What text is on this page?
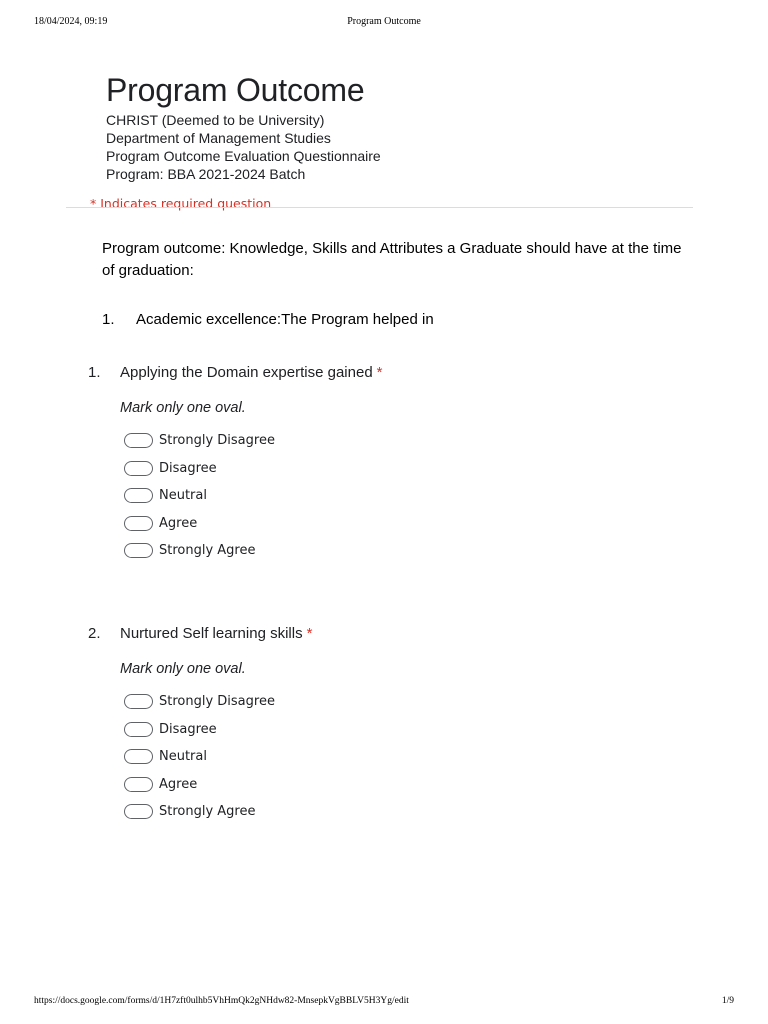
18/04/2024, 09:19	Program Outcome
Program Outcome
CHRIST (Deemed to be University)
Department of Management Studies
Program Outcome Evaluation Questionnaire
Program: BBA 2021-2024 Batch
* Indicates required question
Program outcome: Knowledge, Skills and Attributes a Graduate should have at the time of graduation:
1. Academic excellence:The Program helped in
1. Applying the Domain expertise gained *
Mark only one oval.
Strongly Disagree
Disagree
Neutral
Agree
Strongly Agree
2. Nurtured Self learning skills *
Mark only one oval.
Strongly Disagree
Disagree
Neutral
Agree
Strongly Agree
https://docs.google.com/forms/d/1H7zft0ulhb5VhHmQk2gNHdw82-MnsepkVgBBLV5H3Yg/edit	1/9
